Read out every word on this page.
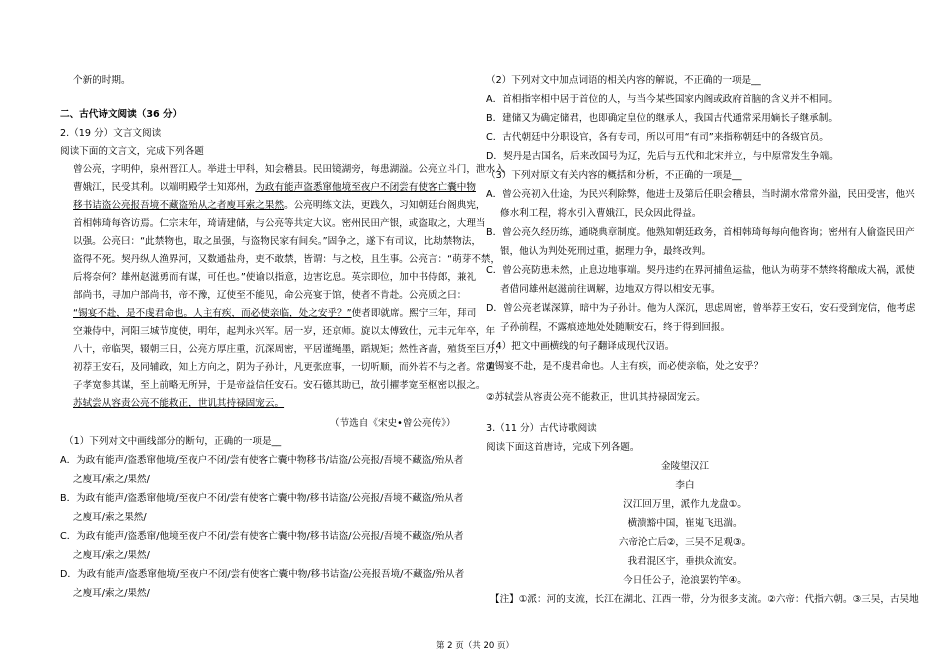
个新的时期。
二、古代诗文阅读（36 分）
2.（19 分）文言文阅读
阅读下面的文言文，完成下列各题
曾公亮，字明仲，泉州晋江人。举进士甲科，知会稽县。民田镜湖旁，每患湖溢。公亮立斗门，泄水入
曹娥江，民受其利。以端明殿学士知郑州，为政有能声盗悉窜他境至夜户不闭尝有使客亡囊中物
移书诘盗公亮报吾境不藏盗殆从之者廋耳索之果然。公亮明练文法，更践久，习知朝廷台阁典宪，
首相韩琦每咨访焉。仁宗末年，琦请建储，与公亮等共定大议。密州民田产银，或盗取之，大理当
以强。公亮曰：“此禁物也，取之虽强，与盗物民家有间矣。”固争之，遂下有司议，比劫禁物法，
盗得不死。契丹纵人渔界河，又数通盐舟，吏不敢禁，皆谓：与之校，且生事。公亮言：“萌芽不禁，
后将奈何？雄州赵滋勇而有谋，可任也。”使谕以指意，边害讫息。英宗即位，加中书侍郎，兼礼
部尚书，寻加户部尚书，帝不豫，辽使至不能见，命公亮宴于馆，使者不肯赴。公亮质之曰：
“锡宴不赴，是不虔君命也。人主有疾，而必使亲临，处之安乎？”使者即就席。熙宁三年，拜司
空兼侍中，河阳三城节度使，明年，起判永兴军。居一岁，还京师。旋以太傅致仕，元丰元年卒，年
八十，帝临哭，辍朝三日，公亮方厚庄重，沉深周密，平居谨绳墨，蹈规矩；然性吝啬，殖货至巨万，
初荐王安石，及同辅政，知上方向之，阴为子孙计，凡更张庶事，一切听顺，而外若不与之者。常遣
子孝宽参其谋，至上前略无所异，于是帝益信任安石。安石德其助已，故引擢孝宽至枢密以报之。
苏轼尝从容责公亮不能救正，世讥其持禄固宠云。
（节选自《宋史•曾公亮传》）
（1）下列对文中画线部分的断句，正确的一项是__
A．为政有能声/盗悉窜他境/至夜户不闭/尝有使客亡囊中物移书/诘盗/公亮报/吾境不藏盗/殆从者
之廋耳/索之/果然/
B．为政有能声/盗悉窜他境/至夜户不闭/尝有使客亡囊中物/移书诘盗/公亮报/吾境不藏盗/殆从者
之廋耳/索之果然/
C．为政有能声/盗悉窜/他境至夜户不闭/尝有使客亡囊中物/移书诘盗/公亮报/吾境不藏盗/殆从者
之廋耳/索之/果然/
D．为政有能声/盗悉窜他境/至夜户不闭/尝有使客亡囊中物/移书诘盗/公亮报吾境/不藏盗/殆从者
之廋耳/索之/果然/
（2）下列对文中加点词语的相关内容的解说，不正确的一项是__
A．首相指宰相中居于首位的人，与当今某些国家内阁或政府首脑的含义并不相同。
B．建储又为确定储君，也即确定皇位的继承人，我国古代通常采用嫡长子继承制。
C．古代朝廷中分职设官，各有专司，所以可用“有司”来指称朝廷中的各级官员。
D．契丹是古国名，后来改国号为辽，先后与五代和北宋并立，与中原常发生争端。
（3）下列对原文有关内容的概括和分析，不正确的一项是__
A．曾公亮初入仕途，为民兴利除弊，他进士及第后任职会稽县，当时湖水常常外溢，民田受害，他兴
修水利工程，将水引入曹娥江，民众因此得益。
B．曾公亮久经历练，通晓典章制度。他熟知朝廷政务，首相韩琦每每向他咨询；密州有人偷盗民田产
银，他认为判处死刑过重，据理力争，最终改判。
C．曾公亮防患未然，止息边地事端。契丹违约在界河捕鱼运盐，他认为萌芽不禁终将酿成大祸，派使
者借同雄州赵滋前往调解，边地双方得以相安无事。
D．曾公亮老谋深算，暗中为子孙计。他为人深沉，思虑周密，曾举荐王安石，安石受到宠信，他考虑
子孙前程，不露痕迹地处处随顺安石，终于得到回报。
（4）把文中画横线的句子翻译成现代汉语。
①锡宴不赴，是不虔君命也。人主有疾，而必使亲临，处之安乎？
②苏轼尝从容责公亮不能救正，世讥其持禄固宠云。
3.（11 分）古代诗歌阅读
阅读下面这首唐诗，完成下列各题。
金陵望汉江
李白
汉江回万里，派作九龙盘①。
横溃豁中国，崔嵬飞迅湍。
六帝沦亡后②，三吴不足观③。
我君混区宇，垂拱众流安。
今日任公子，沧浪罢钓竿④。
【注】①派：河的支流，长江在湖北、江西一带，分为很多支流。②六帝：代指六朝。③三吴，古吴地
第 2 页（共 20 页）
